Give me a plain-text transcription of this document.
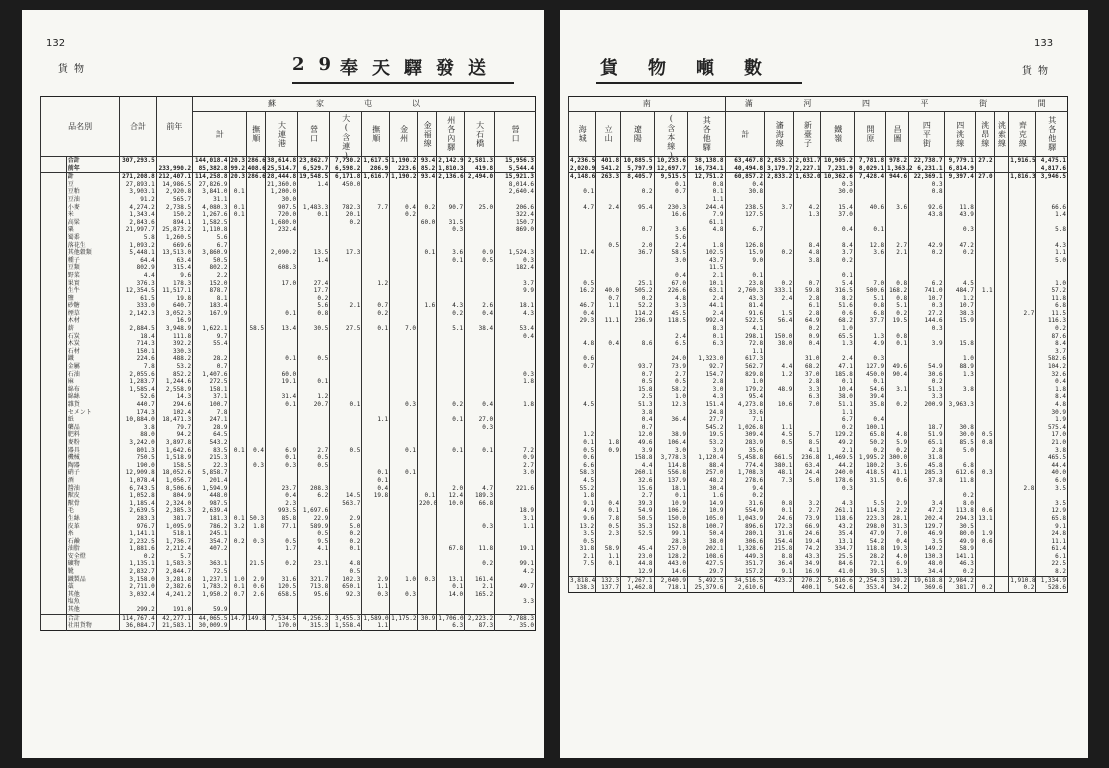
132
貨物	29
奉天驛發送
品名別		合計	前年	蘇家屯以											
				計		撫順	大連港	營口	大(含連)	撫順	金州	金福線	州各內驛	大石橋	營口
	合計	307,293.5		144,018.4	20.3	286.6	38,614.8	23,862.7	7,730.2	1,617.5	1,190.2	93.4	2,142.9	2,581.3	15,956.3
	前年		233,990.2	85,382.8	99.2	408.6	25,514.7	6,529.7	6,598.2	286.9	223.6	85.2	1,810.3	419.8	5,544.4
	計	271,208.8	212,407.1	114,258.8	20.3	286.6	28,444.8	19,548.5	6,171.8	1,616.7	1,190.2	93.4	2,136.6	2,494.0	15,921.3
	豆	27,893.1	14,986.5	27,826.9			21,360.0	1.4	450.0						8,014.6
	豆粕	3,903.1	2,920.8	3,841.0	0.1		1,200.0								2,640.4
	豆油	91.2	565.7	31.1			30.0								
	小麥	4,274.2	2,738.5	4,080.3	0.1		907.5	1,483.3	782.3	7.7	0.4	0.2	90.7	25.0	206.6
	米	1,343.4	150.2	1,267.6	0.1		720.0	0.1	20.1		0.2				322.4
	高粱	2,843.6	894.1	1,582.5			1,680.0		0.2			60.0	31.5		150.7
	粟	21,997.7	25,873.2	1,110.8			232.4						0.3		869.0
	蜀黍	5.8	1,260.5	5.6											
	落花生	1,093.2	669.6	6.7											
	其他穀類	5,448.1	13,513.0	3,860.9			2,090.2	13.5	17.3			0.1	3.6	0.9	1,524.3
	種子	64.4	63.4	50.5				1.4					0.1	0.5	0.3
	豆類	802.9	315.4	802.2			608.3								182.4
	野菜	4.4	9.6	2.2											
	果實	376.3	178.3	152.0			17.0	27.4		1.2					3.7
	生牛	12,354.5	11,517.1	878.7				17.7							9.9
	鹽	61.5	19.8	8.1				0.2							
	砂糖	333.0	640.7	183.4				5.6	2.1	0.7		1.6	4.3	2.6	18.1
	煙草	2,142.3	3,052.3	167.9			0.1	0.8		0.2			0.2	0.4	4.3
	木材		16.9												
	薪	2,884.5	3,948.9	1,622.1		58.5	13.4	30.5	27.5	0.1	7.0		5.1	38.4	53.4
	石炭	18.4	111.8	9.7											0.4
	木炭	714.3	392.2	55.4											
	石材	150.1	330.3												
	鐵	224.6	488.2	28.2			0.1	0.5							
	金屬	7.8	53.2	0.7											
	石油	2,055.6	852.2	1,407.6			60.0								0.3
	麻	1,283.7	1,244.6	272.5			19.1	0.1							1.8
	綿布	1,585.4	2,558.9	158.1											
	綿絲	52.6	14.3	37.1			31.4	1.2							
	雜貨	440.7	294.6	100.7			0.1	20.7	0.1		0.3		0.2	0.4	1.8
	セメント	174.3	102.4	7.8											
	紙	10,884.0	18,471.3	247.1						1.1			0.1	27.0	
	藥品	3.8	79.7	28.9										0.3	
	肥料	88.0	94.2	64.5											
	麥粉	3,242.0	3,897.8	543.2											
	器具	801.3	1,642.6	83.5	0.1	0.4	6.9	2.7	0.5		0.1		0.1	0.1	7.2
	機械	750.5	1,518.9	215.3			0.1	0.5							0.9
	陶器	190.0	158.5	22.3		0.3	0.3	0.5							2.7
	硝子	12,909.8	18,052.6	5,858.7						0.1	0.1				3.0
	酒	1,078.4	1,056.7	201.4						0.1					
	醬油	6,743.5	8,506.6	1,594.9			23.7	208.3		0.4			2.0	4.7	221.6
	獸皮	1,052.8	804.9	448.0			0.4	6.2	14.5	19.8		0.1	12.4	189.3	
	獸骨	1,185.4	2,324.0	987.5			2.3		563.7			220.0	10.0	66.8	
	毛	2,639.5	2,385.3	2,639.4			993.5	1,697.6							18.9
	生絲	283.3	381.7	181.3	0.1	50.3	85.8	22.9	2.9						3.1
	皮革	976.7	1,095.9	786.2	3.2	1.8	77.1	589.9	5.0					0.3	1.1
	糸	1,141.1	518.1	245.1				0.5	0.2						
	石鹼	2,232.5	1,736.7	354.7	0.2	0.3	0.5	9.5	0.2						
	油脂	1,881.6	2,212.4	407.2			1.7	4.1	0.1				67.8	11.8	19.1
	安全燈	0.2	5.7												
	礦物	1,135.1	1,583.3	363.1		21.5	0.2	23.1	4.8					0.2	99.1
	靴	2,832.7	2,844.7	72.5					0.5						4.2
	鐵製品	3,158.0	3,281.8	1,237.1	1.0	2.9	31.6	321.7	102.3	2.9	1.0	0.3	13.1	161.4	
	藁	2,711.0	2,382.6	1,783.2	0.1	0.6	120.5	713.8	650.1	1.1			0.1	2.1	49.7
	其他	3,032.4	4,241.2	1,950.2	0.7	2.6	658.5	95.6	92.3	0.3	0.3		14.0	165.2	
	塩魚														3.3
	其他	299.2	191.0	59.9											
	合計	114,767.4	42,277.1	44,065.5	14.7	149.8	7,534.5	4,256.2	3,455.3	1,589.0	1,175.2	30.9	1,706.0	2,223.2	2,788.3
	社用貨物	36,084.7	21,583.1	30,009.9			170.0	315.3	1,558.4	1.1			6.3	87.3	35.0
133
貨物
貨物噸數
南					滿 河 四 平 街 間											
海城	立山	遼陽	(含本線)	其各他驛	計	瀋海線	新臺子	鐵嶺	開原	昌圖	四平街	四洮線	洮昂線	洮索線	齊克線	其各他驛
4,236.5	401.8	10,885.5	10,233.6	38,138.8	63,467.8	2,853.2	2,031.7	10,905.2	7,781.8	978.2	22,738.7	9,779.1	27.2		1,916.5	4,475.1
2,020.9	541.2	5,797.9	12,697.7	16,734.1	40,494.8	3,179.7	2,227.1	7,231.9	8,029.1	1,363.2	6,231.1	6,814.9				4,817.6
4,148.6	263.3	8,405.7	9,515.5	12,751.2	60,857.2	2,833.2	1,632.0	10,362.6	7,428.4	944.6	22,369.1	9,397.4	27.0		1,816.3	3,946.5
			0.1	0.8	0.4			0.3			0.3					
0.1		0.2	0.7	0.1	30.8			30.0			0.8					
				1.1												
4.7	2.4	95.4	230.3	244.4	238.5	3.7	4.2	15.4	40.6	3.6	92.6	11.8				66.6
			16.6	7.9	127.5		1.3	37.0			43.8	43.9				1.4
				61.1												
		0.7	3.6	4.8	6.7			0.4	0.1			0.3				5.8
			5.6													
	0.5	2.0	2.4	1.8	126.8		8.4	8.4	12.8	2.7	42.9	47.2				4.3
12.4		36.7	58.5	102.5	15.9	0.2	4.8	3.7	3.6	2.1	0.2	0.2				1.1
			3.0	43.7	9.0		3.8	0.2								5.0
				11.5												
			0.4	2.1	0.1			0.1								
0.5		25.1	67.0	10.1	23.8	0.2	0.7	5.4	7.0	0.8	6.2	4.5				1.0
16.2	40.0	505.2	226.6	63.1	2,760.3	333.1	59.8	316.5	500.6	168.2	741.0	484.7	1.1			57.2
	0.7	0.2	4.8	2.4	43.3	2.4	2.8	8.2	5.1	0.8	10.7	1.2				11.8
46.7	1.1	52.2	3.3	44.1	81.4		6.1	51.6	0.8	5.1	0.3	10.7				6.8
0.4		114.2	45.5	2.4	91.6	1.5	2.8	0.6	6.8	0.2	27.2	38.3			2.7	11.5

29.3	11.1	236.9	118.5	992.4	522.5	56.4	64.9	68.2	37.7	19.5	144.6	15.9				116.3
				8.3	4.1		0.2	1.0			0.3					0.2
			2.4	0.1	298.1	150.0	0.9	65.5	1.3	0.8						87.6

4.8	0.4	8.6	6.5	6.3	72.8	38.0	0.4	1.3	4.9	0.1	3.9	15.8				8.4
					1.1											3.7
0.6			24.0	1,323.0	617.3		31.0	2.4	0.3			1.0				582.6
0.7		93.7	73.9	92.7	562.7	4.4	68.2	47.1	127.9	49.6	54.9	88.9				104.2
		0.7	2.7	154.7	829.8	1.2	37.0	185.8	450.0	90.4	30.6	1.3				32.6
		0.5	0.5	2.8	1.0		2.8	0.1	0.1		0.2					0.4
		15.8	58.2	3.0	179.2	48.9	3.3	10.4	54.6	3.1	51.3	3.8				1.8
		2.5	1.0	4.3	95.4		6.3	38.0	39.4		3.3					8.4
4.5		51.3	12.3	151.4	4,273.8	10.6	7.0	51.1	35.8	0.2	200.9	3,963.3				4.8
		3.8		24.8	33.6			1.1								30.9
		0.4	36.4	27.7	7.1			6.7	0.4							1.9
		0.7		545.2	1,026.8	1.1		0.2	100.1		18.7	30.8				575.4
1.2		12.0	38.9	19.5	309.4	4.5	5.7	129.2	65.8	4.8	51.9	30.0	0.5			17.0
0.1	1.8	49.6	106.4	53.2	283.9	0.5	8.5	49.2	50.2	5.9	65.1	85.5	0.8			21.0
0.5	0.9	3.9	3.0	3.9	35.6		4.1	2.1	0.2	0.2	2.8	5.0				3.8
0.6		158.8	3,778.3	1,120.4	5,458.8	661.5	236.8	1,469.5	1,995.2	300.0	31.8					465.5
6.6		4.4	114.8	88.4	774.4	380.1	63.4	44.2	180.2	3.6	45.8	6.8				44.4
58.3		260.1	556.8	257.0	1,708.3	48.1	24.4	240.0	418.5	41.1	285.3	612.6	0.3			40.0
4.5		32.6	137.9	48.2	278.6	7.3	5.0	178.6	31.5	0.6	37.8	11.8				6.0
55.2		15.6	18.1	30.4	9.4			0.3							2.8	3.5

1.8		2.7	0.1	1.6	0.2							0.2				
9.1	0.4	39.3	10.9	14.9	31.6	0.8	3.2	4.3	5.5	2.9	3.4	8.0				3.5
4.9	0.1	54.9	106.2	10.9	554.9	0.1	2.7	261.1	114.3	2.2	47.2	113.8	0.6			12.9
9.6	7.8	50.5	150.0	105.0	1,043.9	24.6	73.9	118.6	223.3	28.1	202.4	294.3	13.1			65.8
13.2	0.5	35.3	152.8	100.7	896.6	172.3	66.9	43.2	298.0	31.3	129.7	30.5				9.1

3.5	2.3	52.5	99.1	50.4	280.1	31.6	24.6	35.4	47.9	7.0	46.9	80.0	1.9			24.8
0.5			28.3	38.0	306.6	154.4	19.4	13.1	54.2	0.4	3.5	49.9	0.6			11.1
31.8	58.9	45.4	257.0	202.1	1,328.6	215.8	74.2	334.7	118.8	19.3	149.2	58.9				61.4
2.1	1.1	23.0	128.2	108.6	449.3	8.8	43.3	25.5	28.2	4.0	130.3	141.1				6.1
7.5	0.1	44.8	443.0	427.5	351.7	36.4	34.9	84.6	72.1	6.9	48.0	46.3				22.5

		12.9	14.6	29.7	157.2	9.1	16.9	41.0	39.5	1.3	34.4	0.2				8.2
3,818.4	132.3	7,267.1	2,040.9	5,492.5	34,516.5	423.2	270.2	5,816.6	2,254.3	139.2	19,618.8	2,984.2			1,910.8	1,334.9
138.3	137.7	1,462.8	718.1	25,379.6	2,610.6		400.1	542.6	353.4	34.2	369.6	381.7	0.2		0.2	528.6
